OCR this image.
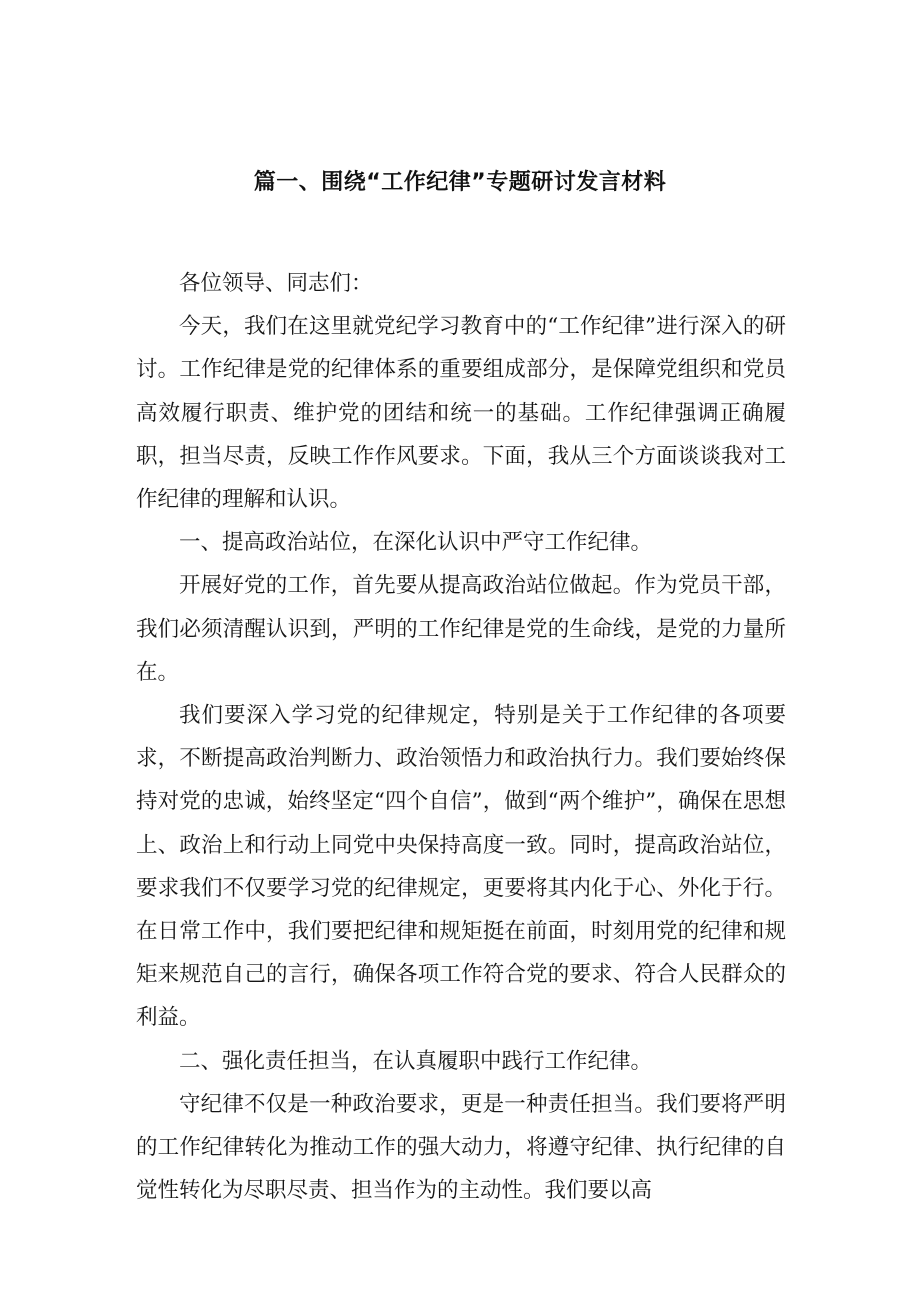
篇一、围绕“工作纪律”专题研讨发言材料

各位领导、同志们：

今天，我们在这里就党纪学习教育中的“工作纪律”进行深入的研讨。工作纪律是党的纪律体系的重要组成部分，是保障党组织和党员高效履行职责、维护党的团结和统一的基础。工作纪律强调正确履职，担当尽责，反映工作作风要求。下面，我从三个方面谈谈我对工作纪律的理解和认识。

一、提高政治站位，在深化认识中严守工作纪律。

开展好党的工作，首先要从提高政治站位做起。作为党员干部，我们必须清醒认识到，严明的工作纪律是党的生命线，是党的力量所在。

我们要深入学习党的纪律规定，特别是关于工作纪律的各项要求，不断提高政治判断力、政治领悟力和政治执行力。我们要始终保持对党的忠诚，始终坚定“四个自信”，做到“两个维护”，确保在思想上、政治上和行动上同党中央保持高度一致。同时，提高政治站位，要求我们不仅要学习党的纪律规定，更要将其内化于心、外化于行。在日常工作中，我们要把纪律和规矩挺在前面，时刻用党的纪律和规矩来规范自己的言行，确保各项工作符合党的要求、符合人民群众的利益。

二、强化责任担当，在认真履职中践行工作纪律。

守纪律不仅是一种政治要求，更是一种责任担当。我们要将严明的工作纪律转化为推动工作的强大动力，将遵守纪律、执行纪律的自觉性转化为尽职尽责、担当作为的主动性。我们要以高
